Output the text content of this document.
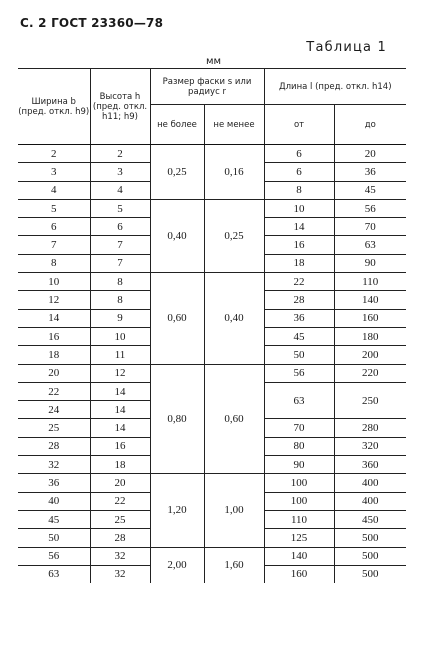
С. 2 ГОСТ 23360—78
Таблица 1
мм
Ширина b (пред. откл. h9)	Высота h (пред. откл. h11; h9)	Размер фаски s или радиус r		Длина l (пред. откл. h14)	
		не более	не менее	от	до
2	2	0,25	0,16	6	20
3	3			6	36
4	4			8	45
5	5	0,40	0,25	10	56
6	6			14	70
7	7			16	63
8	7			18	90
10	8	0,60	0,40	22	110
12	8			28	140
14	9			36	160
16	10			45	180
18	11			50	200
20	12	0,80	0,60	56	220
22	14			63	250
24	14				
25	14			70	280
28	16			80	320
32	18			90	360
36	20	1,20	1,00	100	400
40	22			100	400
45	25			110	450
50	28			125	500
56	32	2,00	1,60	140	500
63	32			160	500
